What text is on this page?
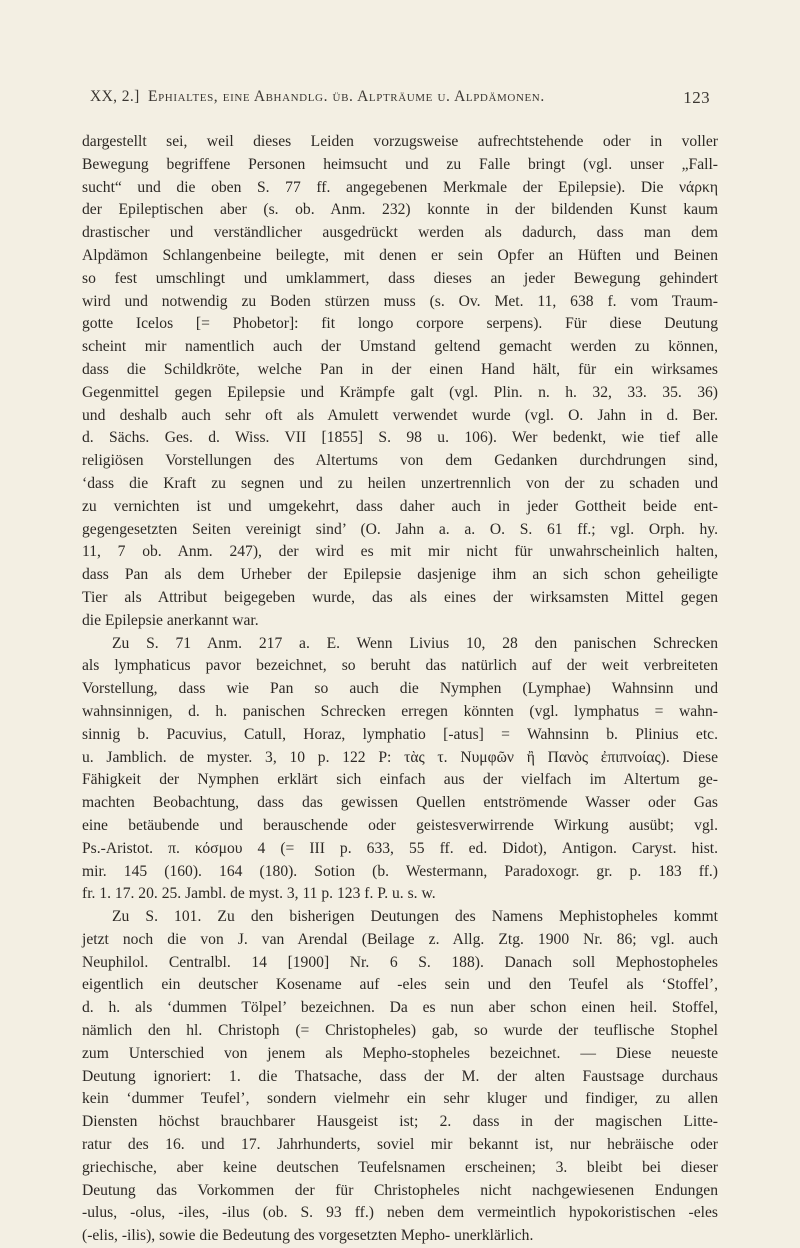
XX, 2.] Ephialtes, eine Abhandlg. üb. Alpträume u. Alpdämonen.	123
dargestellt sei, weil dieses Leiden vorzugsweise aufrechtstehende oder in voller
Bewegung begriffene Personen heimsucht und zu Falle bringt (vgl. unser „Fall-
sucht“ und die oben S. 77 ff. angegebenen Merkmale der Epilepsie). Die νάρκη
der Epileptischen aber (s. ob. Anm. 232) konnte in der bildenden Kunst kaum
drastischer und verständlicher ausgedrückt werden als dadurch, dass man dem
Alpdämon Schlangenbeine beilegte, mit denen er sein Opfer an Hüften und Beinen
so fest umschlingt und umklammert, dass dieses an jeder Bewegung gehindert
wird und notwendig zu Boden stürzen muss (s. Ov. Met. 11, 638 f. vom Traum-
gotte Icelos [= Phobetor]: fit longo corpore serpens). Für diese Deutung
scheint mir namentlich auch der Umstand geltend gemacht werden zu können,
dass die Schildkröte, welche Pan in der einen Hand hält, für ein wirksames
Gegenmittel gegen Epilepsie und Krämpfe galt (vgl. Plin. n. h. 32, 33. 35. 36)
und deshalb auch sehr oft als Amulett verwendet wurde (vgl. O. Jahn in d. Ber.
d. Sächs. Ges. d. Wiss. VII [1855] S. 98 u. 106). Wer bedenkt, wie tief alle
religiösen Vorstellungen des Altertums von dem Gedanken durchdrungen sind,
‘dass die Kraft zu segnen und zu heilen unzertrennlich von der zu schaden und
zu vernichten ist und umgekehrt, dass daher auch in jeder Gottheit beide ent-
gegengesetzten Seiten vereinigt sind’ (O. Jahn a. a. O. S. 61 ff.; vgl. Orph. hy.
11, 7 ob. Anm. 247), der wird es mit mir nicht für unwahrscheinlich halten,
dass Pan als dem Urheber der Epilepsie dasjenige ihm an sich schon geheiligte
Tier als Attribut beigegeben wurde, das als eines der wirksamsten Mittel gegen
die Epilepsie anerkannt war.
Zu S. 71 Anm. 217 a. E. Wenn Livius 10, 28 den panischen Schrecken
als lymphaticus pavor bezeichnet, so beruht das natürlich auf der weit verbreiteten
Vorstellung, dass wie Pan so auch die Nymphen (Lymphae) Wahnsinn und
wahnsinnigen, d. h. panischen Schrecken erregen könnten (vgl. lymphatus = wahn-
sinnig b. Pacuvius, Catull, Horaz, lymphatio [-atus] = Wahnsinn b. Plinius etc.
u. Jamblich. de myster. 3, 10 p. 122 P: τὰς τ. Νυμφῶν ἢ Πανὸς ἐπιπνοίας). Diese
Fähigkeit der Nymphen erklärt sich einfach aus der vielfach im Altertum ge-
machten Beobachtung, dass das gewissen Quellen entströmende Wasser oder Gas
eine betäubende und berauschende oder geistesverwirrende Wirkung ausübt; vgl.
Ps.-Aristot. π. κόσμου 4 (= III p. 633, 55 ff. ed. Didot), Antigon. Caryst. hist.
mir. 145 (160). 164 (180). Sotion (b. Westermann, Paradoxogr. gr. p. 183 ff.)
fr. 1. 17. 20. 25. Jambl. de myst. 3, 11 p. 123 f. P. u. s. w.
Zu S. 101. Zu den bisherigen Deutungen des Namens Mephistopheles kommt
jetzt noch die von J. van Arendal (Beilage z. Allg. Ztg. 1900 Nr. 86; vgl. auch
Neuphilol. Centralbl. 14 [1900] Nr. 6 S. 188). Danach soll Mephostopheles
eigentlich ein deutscher Kosename auf -eles sein und den Teufel als ‘Stoffel’,
d. h. als ‘dummen Tölpel’ bezeichnen. Da es nun aber schon einen heil. Stoffel,
nämlich den hl. Christoph (= Christopheles) gab, so wurde der teuflische Stophel
zum Unterschied von jenem als Mepho-stopheles bezeichnet. — Diese neueste
Deutung ignoriert: 1. die Thatsache, dass der M. der alten Faustsage durchaus
kein ‘dummer Teufel’, sondern vielmehr ein sehr kluger und findiger, zu allen
Diensten höchst brauchbarer Hausgeist ist; 2. dass in der magischen Litte-
ratur des 16. und 17. Jahrhunderts, soviel mir bekannt ist, nur hebräische oder
griechische, aber keine deutschen Teufelsnamen erscheinen; 3. bleibt bei dieser
Deutung das Vorkommen der für Christopheles nicht nachgewiesenen Endungen
-ulus, -olus, -iles, -ilus (ob. S. 93 ff.) neben dem vermeintlich hypokoristischen -eles
(-elis, -ilis), sowie die Bedeutung des vorgesetzten Mepho- unerklärlich.
